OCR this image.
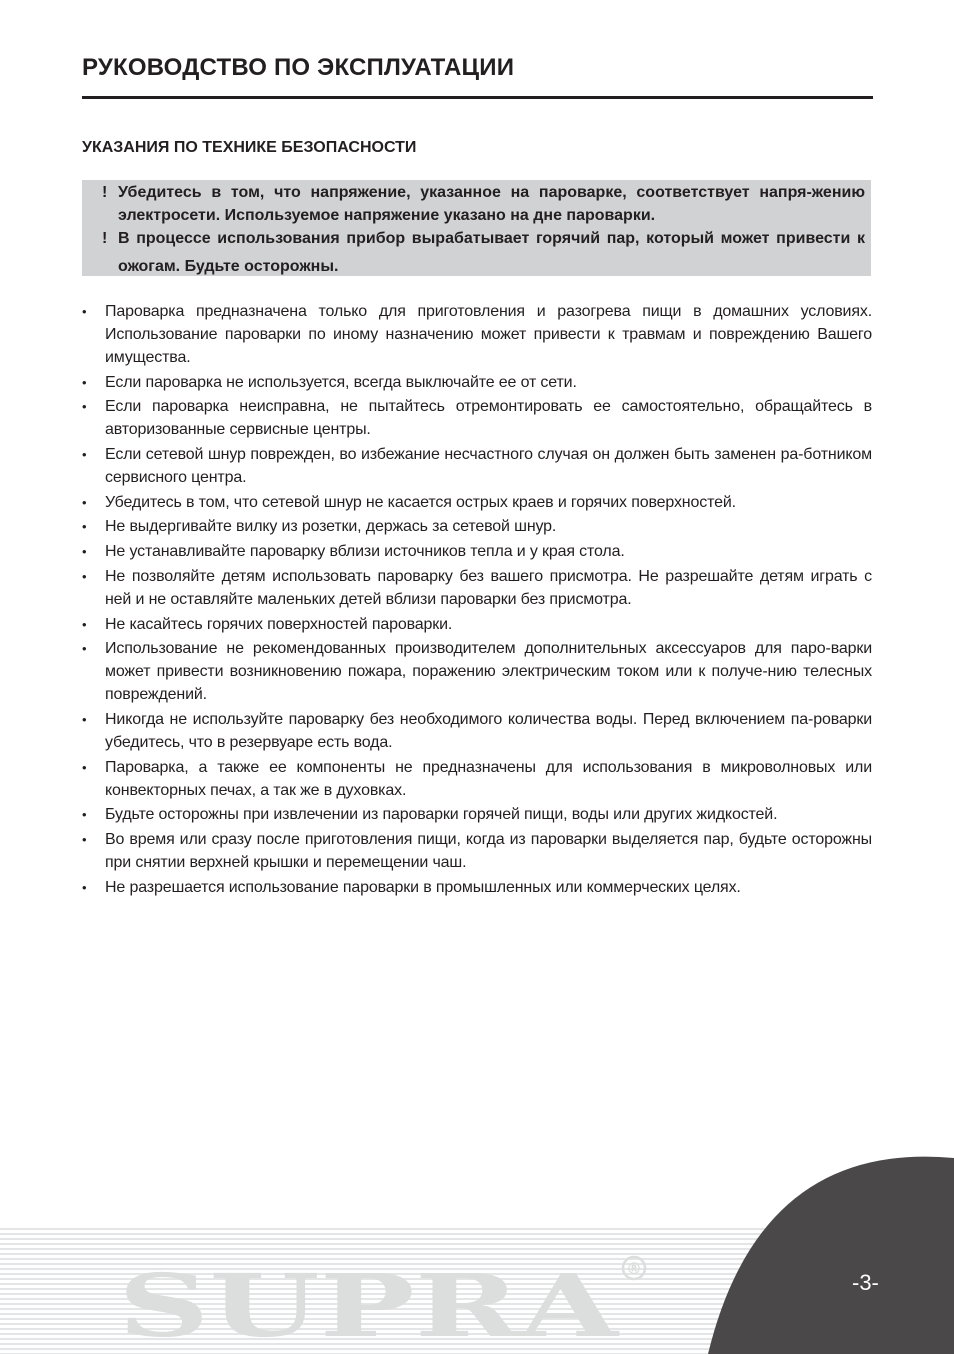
РУКОВОДСТВО ПО ЭКСПЛУАТАЦИИ
УКАЗАНИЯ ПО ТЕХНИКЕ БЕЗОПАСНОСТИ
! Убедитесь в том, что напряжение, указанное на пароварке, соответствует напря-жению электросети. Используемое напряжение указано на дне пароварки.
! В процессе использования прибор вырабатывает горячий пар, который может привести к ожогам. Будьте осторожны.
• Пароварка предназначена только для приготовления и разогрева пищи в домашних условиях. Использование пароварки по иному назначению может привести к травмам и повреждению Вашего имущества.
• Если пароварка не используется, всегда выключайте ее от сети.
• Если пароварка неисправна, не пытайтесь отремонтировать ее самостоятельно, обращайтесь в авторизованные сервисные центры.
• Если сетевой шнур поврежден, во избежание несчастного случая он должен быть заменен ра-ботником сервисного центра.
• Убедитесь в том, что сетевой шнур не касается острых краев и горячих поверхностей.
• Не выдергивайте вилку из розетки, держась за сетевой шнур.
• Не устанавливайте пароварку вблизи источников тепла и у края стола.
• Не позволяйте детям использовать пароварку без вашего присмотра. Не разрешайте детям играть с ней и не оставляйте маленьких детей вблизи пароварки без присмотра.
• Не касайтесь горячих поверхностей пароварки.
• Использование не рекомендованных производителем дополнительных аксессуаров для паро-варки может привести возникновению пожара, поражению электрическим током или к получе-нию телесных повреждений.
• Никогда не используйте пароварку без необходимого количества воды. Перед включением па-роварки убедитесь, что в резервуаре есть вода.
• Пароварка, а также ее компоненты не предназначены для использования в микроволновых или конвекторных печах, а так же в духовках.
• Будьте осторожны при извлечении из пароварки горячей пищи, воды или других жидкостей.
• Во время или сразу после приготовления пищи, когда из пароварки выделяется пар, будьте осторожны при снятии верхней крышки и перемещении чаш.
• Не разрешается использование пароварки в промышленных или коммерческих целях.
SUPRA ®
-3-
